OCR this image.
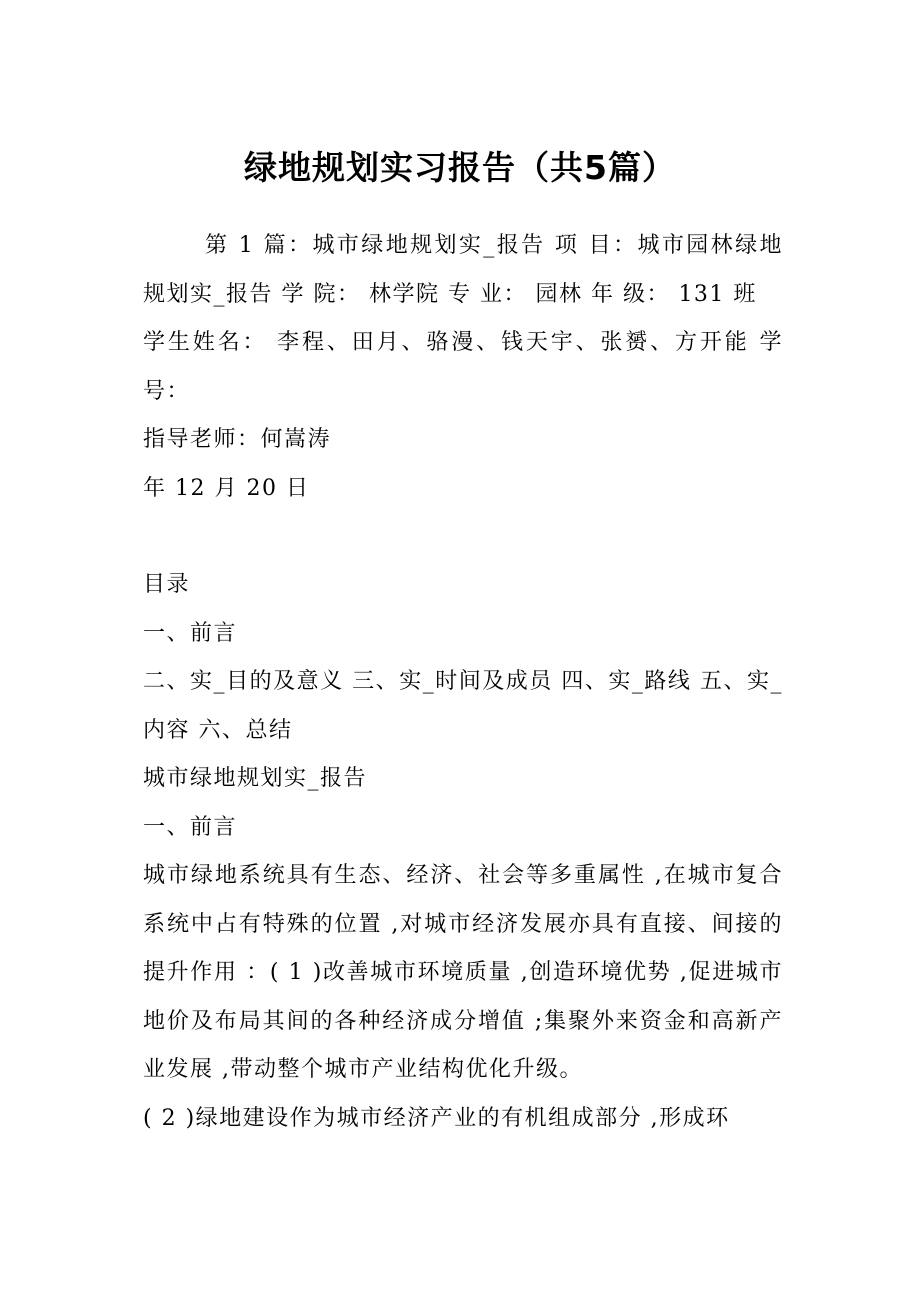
绿地规划实习报告（共5篇）

第 1 篇：城市绿地规划实_报告 项 目：城市园林绿地规划实_报告 学 院： 林学院 专 业： 园林 年 级： 131 班

学生姓名： 李程、田月、骆漫、钱天宇、张赟、方开能 学号：

指导老师：何嵩涛

年 12 月 20 日

目录

一、前言

二、实_目的及意义 三、实_时间及成员 四、实_路线 五、实_内容 六、总结

城市绿地规划实_报告

一、前言

城市绿地系统具有生态、经济、社会等多重属性 ,在城市复合系统中占有特殊的位置 ,对城市经济发展亦具有直接、间接的提升作用 ：( 1 )改善城市环境质量 ,创造环境优势 ,促进城市地价及布局其间的各种经济成分增值 ;集聚外来资金和高新产业发展 ,带动整个城市产业结构优化升级。

( 2 )绿地建设作为城市经济产业的有机组成部分 ,形成环
